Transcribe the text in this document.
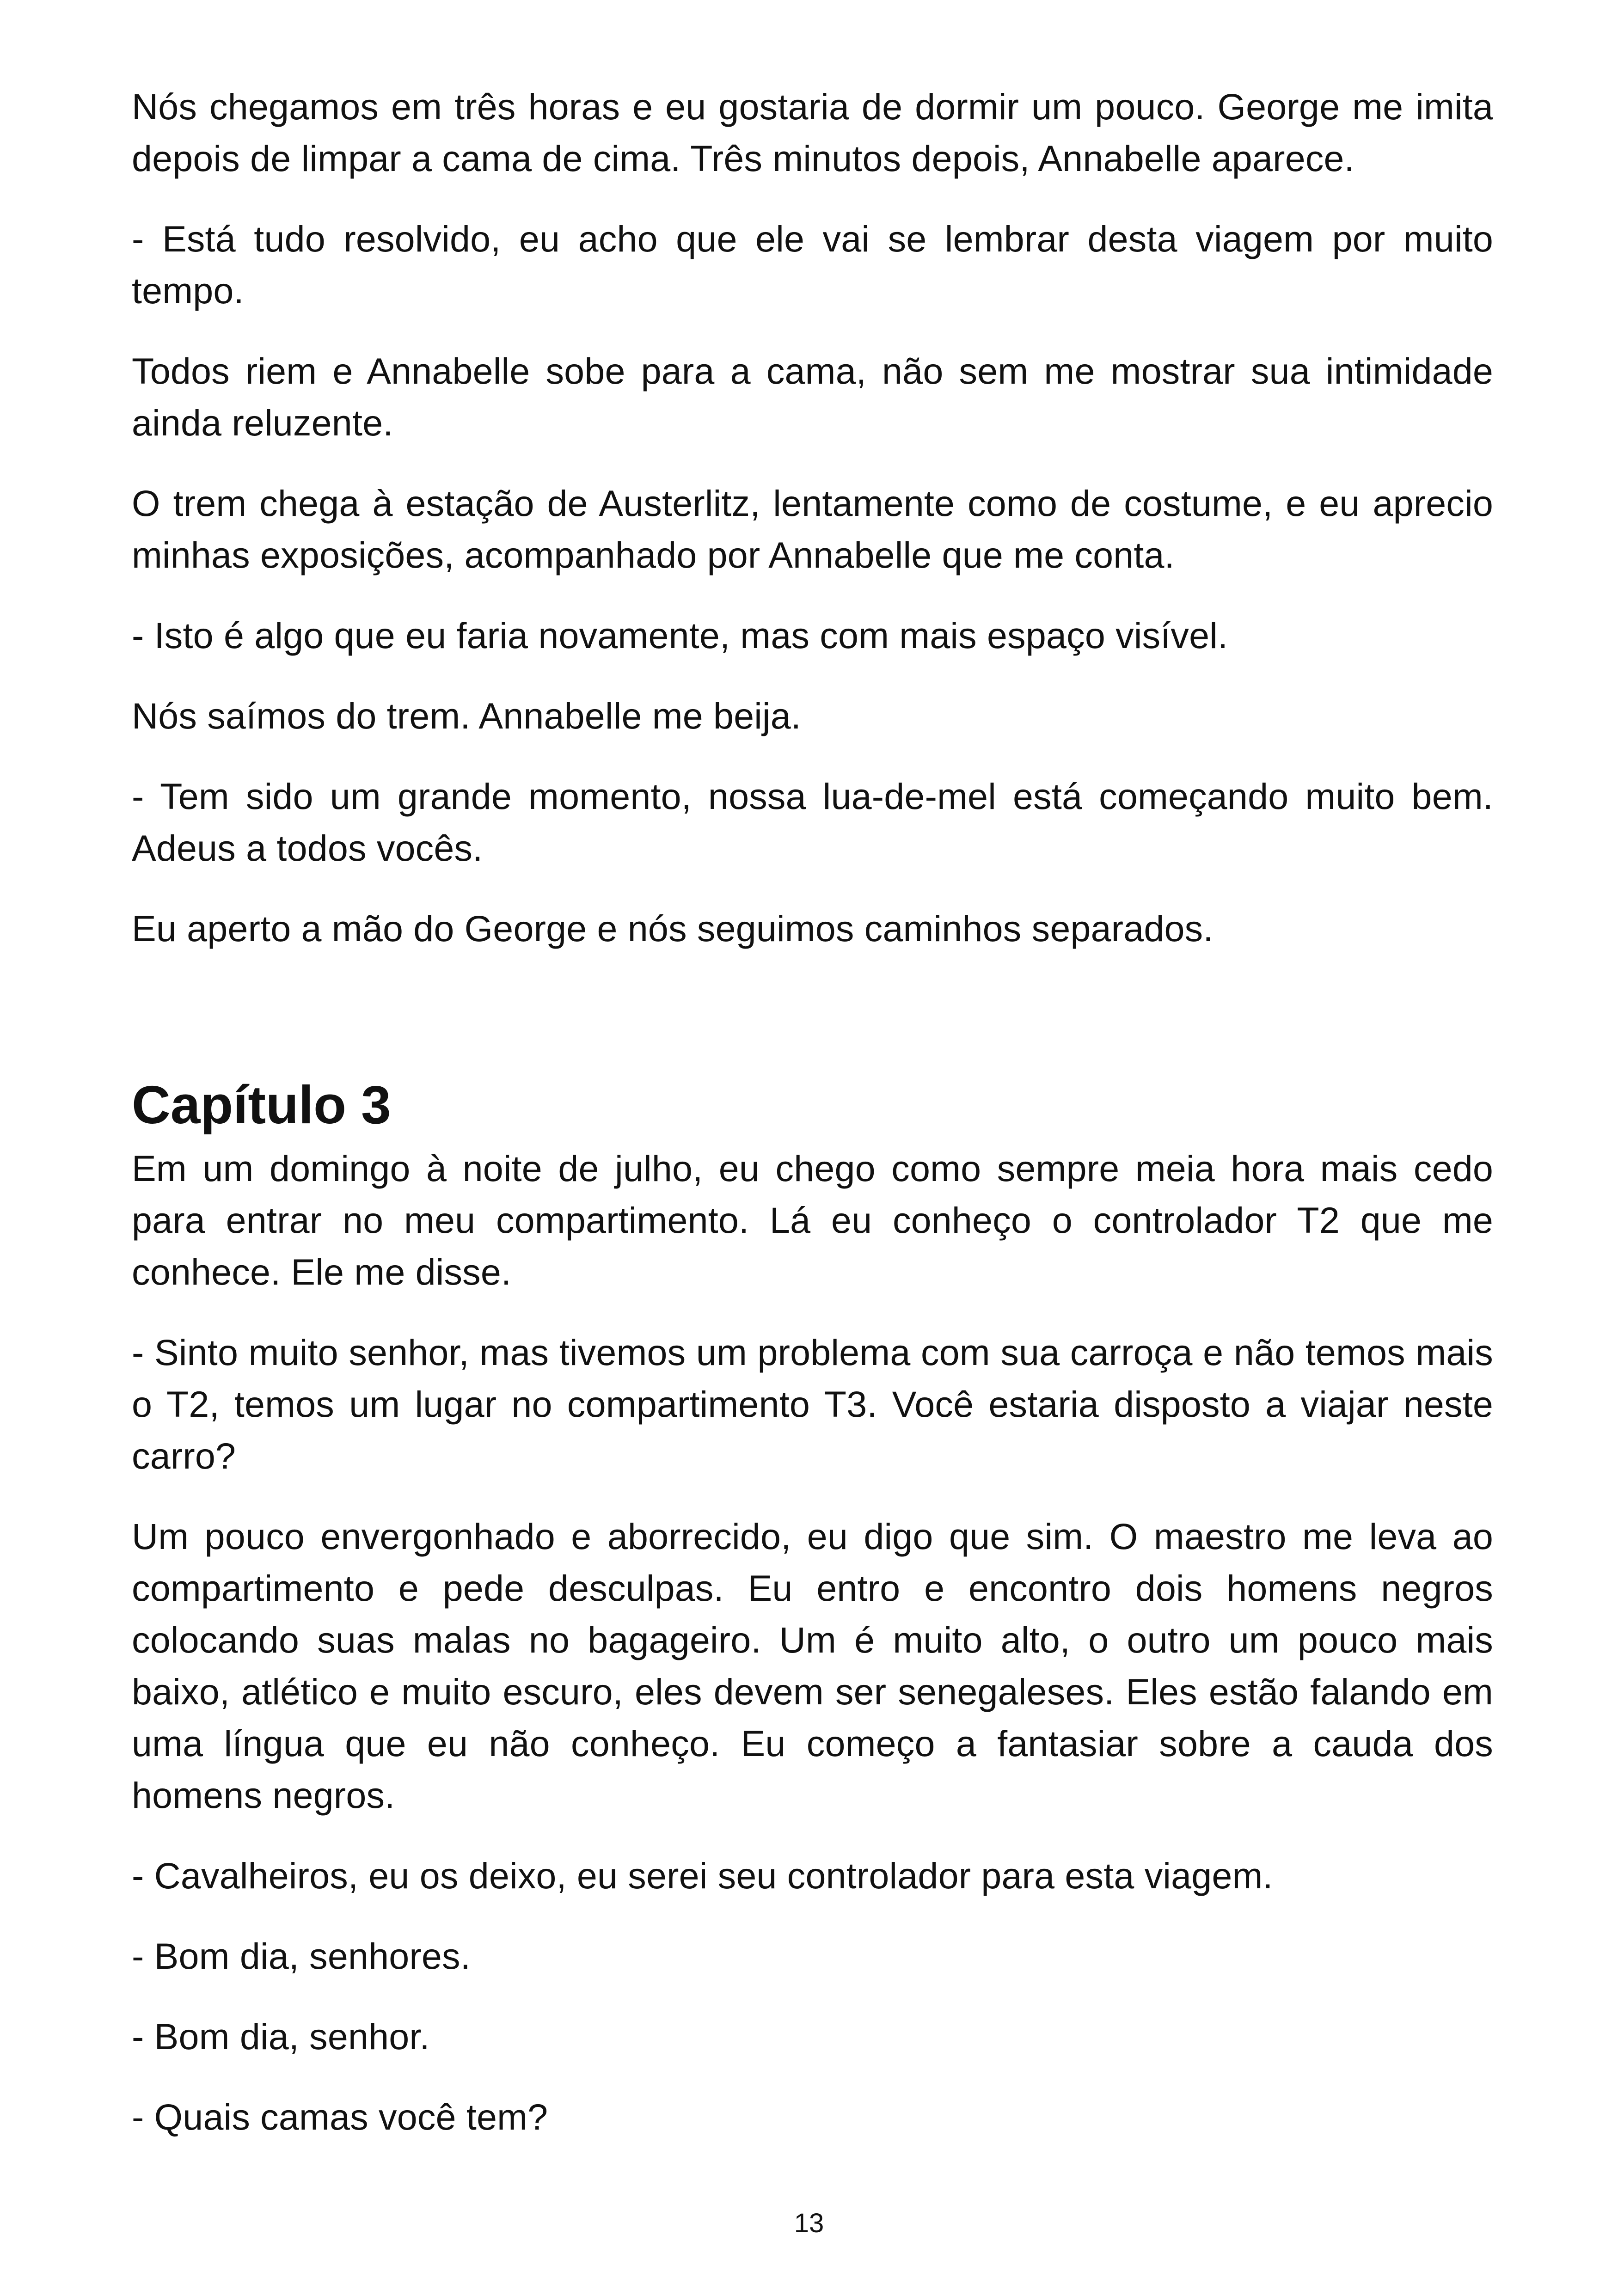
Nós chegamos em três horas e eu gostaria de dormir um pouco. George me imita depois de limpar a cama de cima. Três minutos depois, Annabelle aparece.

- Está tudo resolvido, eu acho que ele vai se lembrar desta viagem por muito tempo.

Todos riem e Annabelle sobe para a cama, não sem me mostrar sua intimidade ainda reluzente.

O trem chega à estação de Austerlitz, lentamente como de costume, e eu aprecio minhas exposições, acompanhado por Annabelle que me conta.

- Isto é algo que eu faria novamente, mas com mais espaço visível.

Nós saímos do trem. Annabelle me beija.

- Tem sido um grande momento, nossa lua-de-mel está começando muito bem. Adeus a todos vocês.

Eu aperto a mão do George e nós seguimos caminhos separados.

Capítulo 3

Em um domingo à noite de julho, eu chego como sempre meia hora mais cedo para entrar no meu compartimento. Lá eu conheço o controlador T2 que me conhece. Ele me disse.

- Sinto muito senhor, mas tivemos um problema com sua carroça e não temos mais o T2, temos um lugar no compartimento T3. Você estaria disposto a viajar neste carro?

Um pouco envergonhado e aborrecido, eu digo que sim. O maestro me leva ao compartimento e pede desculpas. Eu entro e encontro dois homens negros colocando suas malas no bagageiro. Um é muito alto, o outro um pouco mais baixo, atlético e muito escuro, eles devem ser senegaleses. Eles estão falando em uma língua que eu não conheço. Eu começo a fantasiar sobre a cauda dos homens negros.

- Cavalheiros, eu os deixo, eu serei seu controlador para esta viagem.

- Bom dia, senhores.

- Bom dia, senhor.

- Quais camas você tem?

13
